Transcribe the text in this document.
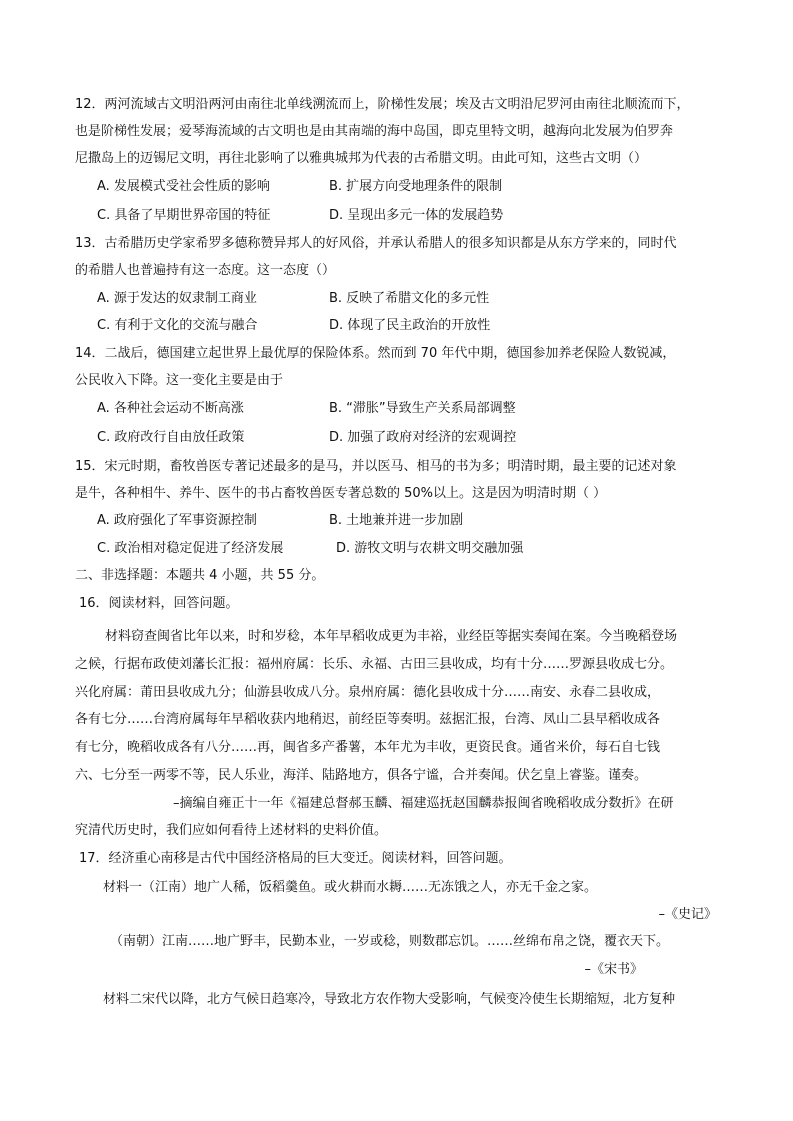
12．两河流域古文明沿两河由南往北单线溯流而上，阶梯性发展；埃及古文明沿尼罗河由南往北顺流而下，
也是阶梯性发展；爱琴海流域的古文明也是由其南端的海中岛国，即克里特文明，越海向北发展为伯罗奔
尼撒岛上的迈锡尼文明，再往北影响了以雅典城邦为代表的古希腊文明。由此可知，这些古文明（）
A. 发展模式受社会性质的影响	B. 扩展方向受地理条件的限制
C. 具备了早期世界帝国的特征	D. 呈现出多元一体的发展趋势
13．古希腊历史学家希罗多德称赞异邦人的好风俗，并承认希腊人的很多知识都是从东方学来的，同时代
的希腊人也普遍持有这一态度。这一态度（）
A. 源于发达的奴隶制工商业	B. 反映了希腊文化的多元性
C. 有利于文化的交流与融合	D. 体现了民主政治的开放性
14．二战后，德国建立起世界上最优厚的保险体系。然而到 70 年代中期，德国参加养老保险人数锐减，
公民收入下降。这一变化主要是由于
A. 各种社会运动不断高涨	B. “滞胀”导致生产关系局部调整
C. 政府改行自由放任政策	D. 加强了政府对经济的宏观调控
15．宋元时期，畜牧兽医专著记述最多的是马，并以医马、相马的书为多；明清时期，最主要的记述对象
是牛，各种相牛、养牛、医牛的书占畜牧兽医专著总数的 50%以上。这是因为明清时期（ ）
A. 政府强化了军事资源控制	B. 土地兼并进一步加剧
C. 政治相对稳定促进了经济发展	D. 游牧文明与农耕文明交融加强
二、非选择题：本题共 4 小题，共 55 分。
16．阅读材料，回答问题。
材料窃查闽省比年以来，时和岁稔，本年早稻收成更为丰裕，业经臣等据实奏闻在案。今当晚稻登场
之候，行据布政使刘藩长汇报：福州府属：长乐、永福、古田三县收成，均有十分……罗源县收成七分。
兴化府属：莆田县收成九分；仙游县收成八分。泉州府属：德化县收成十分……南安、永春二县收成，
各有七分……台湾府属每年早稻收获内地稍迟，前经臣等奏明。兹据汇报，台湾、凤山二县早稻收成各
有七分，晚稻收成各有八分……再，闽省多产番薯，本年尤为丰收，更资民食。通省米价，每石自七钱
六、七分至一两零不等，民人乐业，海洋、陆路地方，俱各宁谧，合并奏闻。伏乞皇上睿鉴。谨奏。
–摘编自雍正十一年《福建总督郝玉麟、福建巡抚赵国麟恭报闽省晚稻收成分数折》在研
究清代历史时，我们应如何看待上述材料的史料价值。
17．经济重心南移是古代中国经济格局的巨大变迁。阅读材料，回答问题。
材料一（江南）地广人稀，饭稻羹鱼。或火耕而水耨……无冻饿之人，亦无千金之家。
–《史记》
（南朝）江南……地广野丰，民勤本业，一岁或稔，则数郡忘饥。……丝绵布帛之饶，覆衣天下。
–《宋书》
材料二宋代以降，北方气候日趋寒冷，导致北方农作物大受影响，气候变冷使生长期缩短，北方复种
